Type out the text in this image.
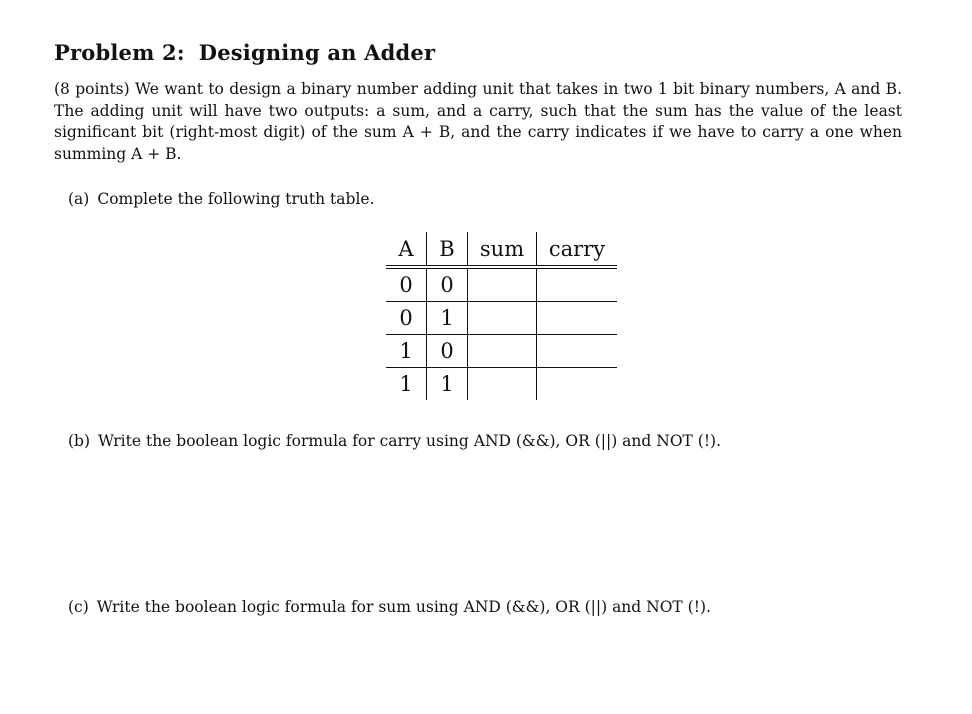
Problem 2: Designing an Adder
(8 points) We want to design a binary number adding unit that takes in two 1 bit binary numbers, A and B. The adding unit will have two outputs: a sum, and a carry, such that the sum has the value of the least significant bit (right-most digit) of the sum A + B, and the carry indicates if we have to carry a one when summing A + B.
(a) Complete the following truth table.
A	B	sum	carry
0	0		
0	1		
1	0		
1	1		
(b) Write the boolean logic formula for carry using AND (&&), OR (||) and NOT (!).
(c) Write the boolean logic formula for sum using AND (&&), OR (||) and NOT (!).
